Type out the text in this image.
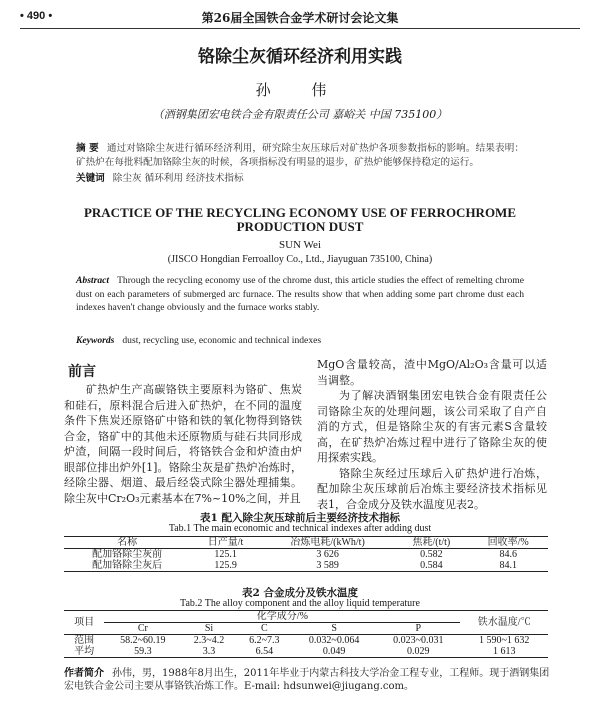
• 490 •	第26届全国铁合金学术研讨会论文集
铬除尘灰循环经济利用实践
孙 伟
（酒钢集团宏电铁合金有限责任公司 嘉峪关 中国 735100）
摘 要 通过对铬除尘灰进行循环经济利用，研究除尘灰压球后对矿热炉各项参数指标的影响。结果表明：矿热炉在每批料配加铬除尘灰的时候，各项指标没有明显的退步，矿热炉能够保持稳定的运行。
关键词 除尘灰 循环利用 经济技术指标
PRACTICE OF THE RECYCLING ECONOMY USE OF FERROCHROME PRODUCTION DUST
SUN Wei
(JISCO Hongdian Ferroalloy Co., Ltd., Jiayuguan 735100, China)
Abstract Through the recycling economy use of the chrome dust, this article studies the effect of remelting chrome dust on each parameters of submerged arc furnace. The results show that when adding some part chrome dust each indexes haven't change obviously and the furnace works stably.
Keywords dust, recycling use, economic and technical indexes
前言

矿热炉生产高碳铬铁主要原料为铬矿、焦炭和硅石，原料混合后进入矿热炉，在不同的温度条件下焦炭还原铬矿中铬和铁的氧化物得到铬铁合金，铬矿中的其他未还原物质与硅石共同形成炉渣，间隔一段时间后，将铬铁合金和炉渣由炉眼部位排出炉外[1]。铬除尘灰是矿热炉冶炼时，经除尘器、烟道、最后经袋式除尘器处理捕集。除尘灰中Cr₂O₃元素基本在7%~10%之间，并且

MgO含量较高，渣中MgO/Al₂O₃含量可以适当调整。

为了解决酒钢集团宏电铁合金有限责任公司铬除尘灰的处理问题，该公司采取了自产自消的方式，但是铬除尘灰的有害元素S含量较高，在矿热炉冶炼过程中进行了铬除尘灰的使用探索实践。

铬除尘灰经过压球后入矿热炉进行冶炼，配加除尘灰压球前后冶炼主要经济技术指标见表1，合金成分及铁水温度见表2。

表1 配入除尘灰压球前后主要经济技术指标
Tab.1 The main economic and technical indexes after adding dust
名称	日产量/t	冶炼电耗/(kWh/t)	焦耗/(t/t)	回收率/%
配加铬除尘灰前	125.1	3 626	0.582	84.6
配加铬除尘灰后	125.9	3 589	0.584	84.1
表2 合金成分及铁水温度
Tab.2 The alloy component and the alloy liquid temperature
项目	化学成分/%					铁水温度/℃
	Cr	Si	C	S	P	
范围	58.2~60.19	2.3~4.2	6.2~7.3	0.032~0.064	0.023~0.031	1 590~1 632
平均	59.3	3.3	6.54	0.049	0.029	1 613
作者简介 孙伟，男，1988年8月出生，2011年毕业于内蒙古科技大学冶金工程专业，工程师。现于酒钢集团宏电铁合金公司主要从事铬铁冶炼工作。E-mail: hdsunwei@jiugang.com。
